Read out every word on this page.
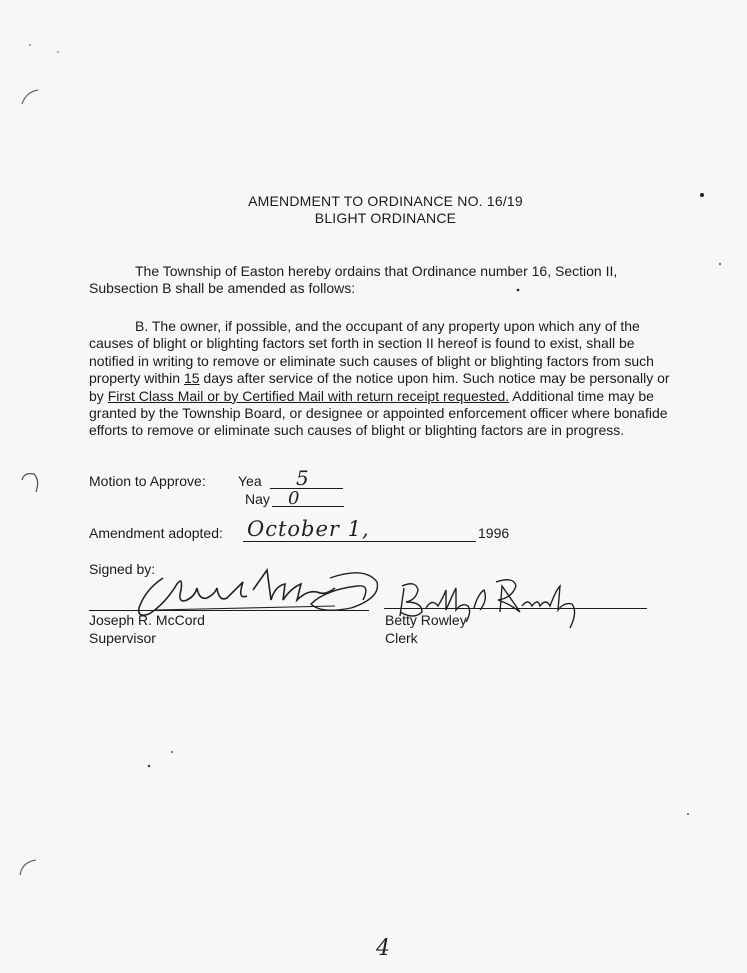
AMENDMENT TO ORDINANCE NO. 16/19
BLIGHT ORDINANCE

The Township of Easton hereby ordains that Ordinance number 16, Section II, Subsection B shall be amended as follows:

B. The owner, if possible, and the occupant of any property upon which any of the causes of blight or blighting factors set forth in section II hereof is found to exist, shall be notified in writing to remove or eliminate such causes of blight or blighting factors from such property within 15 days after service of the notice upon him. Such notice may be personally or by First Class Mail or by Certified Mail with return receipt requested. Additional time may be granted by the Township Board, or designee or appointed enforcement officer where bonafide efforts to remove or eliminate such causes of blight or blighting factors are in progress.

Motion to Approve: Yea 5
Nay 0
Amendment adopted: October 1,	1996
Signed by:
Joseph R. McCord
Supervisor
Betty Rowley
Clerk
4
